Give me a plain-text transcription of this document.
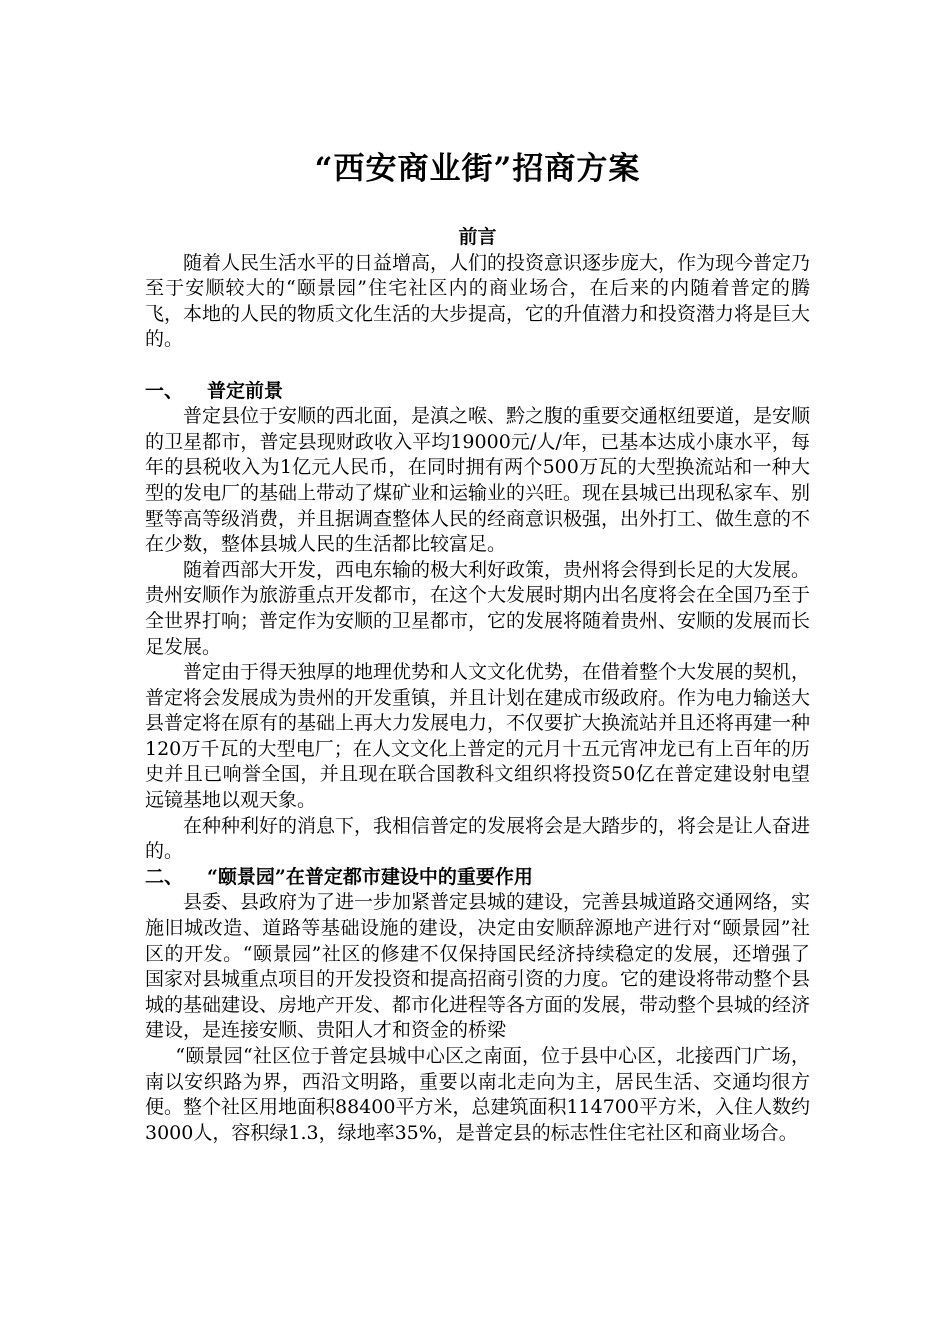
“西安商业街”招商方案
前言

随着人民生活水平的日益增高，人们的投资意识逐步庞大，作为现今普定乃至于安顺较大的“颐景园”住宅社区内的商业场合，在后来的内随着普定的腾飞，本地的人民的物质文化生活的大步提高，它的升值潜力和投资潜力将是巨大的。

一、 普定前景

普定县位于安顺的西北面，是滇之喉、黔之腹的重要交通枢纽要道，是安顺的卫星都市，普定县现财政收入平均19000元/人/年，已基本达成小康水平，每年的县税收入为1亿元人民币，在同时拥有两个500万瓦的大型换流站和一种大型的发电厂的基础上带动了煤矿业和运输业的兴旺。现在县城已出现私家车、别墅等高等级消费，并且据调查整体人民的经商意识极强，出外打工、做生意的不在少数，整体县城人民的生活都比较富足。

随着西部大开发，西电东输的极大利好政策，贵州将会得到长足的大发展。贵州安顺作为旅游重点开发都市，在这个大发展时期内出名度将会在全国乃至于全世界打响；普定作为安顺的卫星都市，它的发展将随着贵州、安顺的发展而长足发展。

普定由于得天独厚的地理优势和人文文化优势，在借着整个大发展的契机，普定将会发展成为贵州的开发重镇，并且计划在建成市级政府。作为电力输送大县普定将在原有的基础上再大力发展电力，不仅要扩大换流站并且还将再建一种120万千瓦的大型电厂；在人文文化上普定的元月十五元宵冲龙已有上百年的历史并且已响誉全国，并且现在联合国教科文组织将投资50亿在普定建设射电望远镜基地以观天象。

在种种利好的消息下，我相信普定的发展将会是大踏步的，将会是让人奋进的。

二、 “颐景园”在普定都市建设中的重要作用

县委、县政府为了进一步加紧普定县城的建设，完善县城道路交通网络，实施旧城改造、道路等基础设施的建设，决定由安顺辞源地产进行对“颐景园”社区的开发。“颐景园”社区的修建不仅保持国民经济持续稳定的发展，还增强了国家对县城重点项目的开发投资和提高招商引资的力度。它的建设将带动整个县城的基础建设、房地产开发、都市化进程等各方面的发展，带动整个县城的经济建设，是连接安顺、贵阳人才和资金的桥梁

“颐景园“社区位于普定县城中心区之南面，位于县中心区，北接西门广场，南以安织路为界，西沿文明路，重要以南北走向为主，居民生活、交通均很方便。整个社区用地面积88400平方米，总建筑面积114700平方米，入住人数约3000人，容积绿1.3，绿地率35%，是普定县的标志性住宅社区和商业场合。
